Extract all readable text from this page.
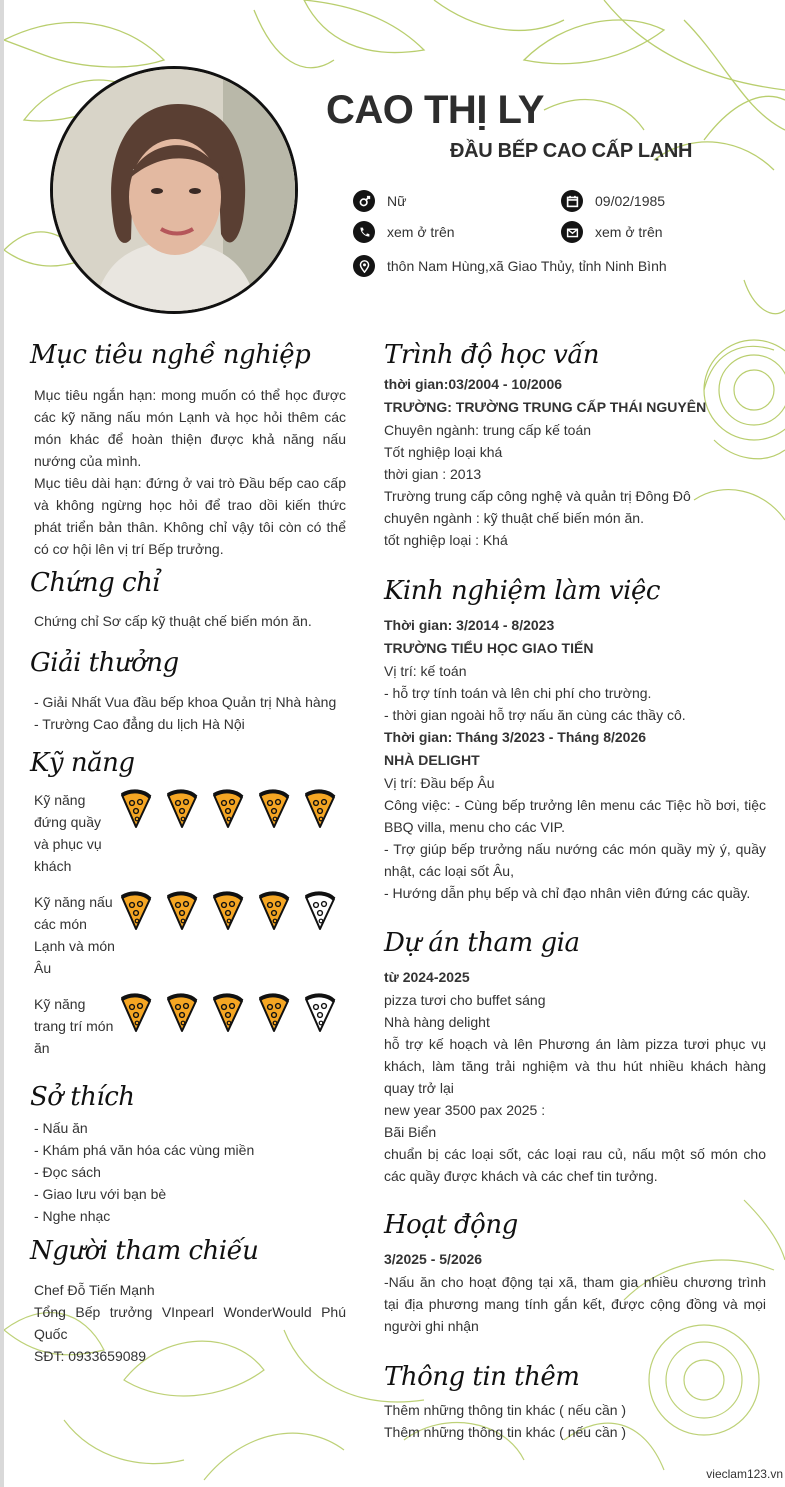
CAO THỊ LY
ĐẦU BẾP CAO CẤP LẠNH
Nữ	09/02/1985
xem ở trên	xem ở trên
thôn Nam Hùng,xã Giao Thủy, tỉnh Ninh Bình
Mục tiêu nghề nghiệp
Mục tiêu ngắn hạn: mong muốn có thể học được các kỹ năng nấu món Lạnh và học hỏi thêm các món khác để hoàn thiện được khả năng nấu nướng của mình.
Mục tiêu dài hạn: đứng ở vai trò Đầu bếp cao cấp và không ngừng học hỏi để trao dồi kiến thức phát triển bản thân. Không chỉ vậy tôi còn có thể có cơ hội lên vị trí Bếp trưởng.
Chứng chỉ
Chứng chỉ Sơ cấp kỹ thuật chế biến món ăn.
Giải thưởng
- Giải Nhất Vua đầu bếp khoa Quản trị Nhà hàng
- Trường Cao đẳng du lịch Hà Nội
Kỹ năng
Kỹ năng đứng quầy và phục vụ khách
Kỹ năng nấu các món Lạnh và món Âu
Kỹ năng trang trí món ăn
Sở thích
- Nấu ăn
- Khám phá văn hóa các vùng miền
- Đọc sách
- Giao lưu với bạn bè
- Nghe nhạc
Người tham chiếu
Chef Đỗ Tiến Mạnh
Tổng Bếp trưởng VInpearl WonderWould Phú Quốc
SĐT: 0933659089
Trình độ học vấn
thời gian:03/2004 - 10/2006
TRƯỜNG: TRƯỜNG TRUNG CẤP THÁI NGUYÊN
Chuyên ngành: trung cấp kế toán
Tốt nghiệp loại khá
thời gian : 2013
Trường trung cấp công nghệ và quản trị Đông Đô
chuyên ngành : kỹ thuật chế biến món ăn.
tốt nghiệp loại : Khá
Kinh nghiệm làm việc
Thời gian: 3/2014 - 8/2023
TRƯỜNG TIỂU HỌC GIAO TIẾN
Vị trí: kế toán
- hỗ trợ tính toán và lên chi phí cho trường.
- thời gian ngoài hỗ trợ nấu ăn cùng các thầy cô.
Thời gian: Tháng 3/2023 - Tháng 8/2026
NHÀ DELIGHT
Vị trí: Đầu bếp Âu
Công việc: - Cùng bếp trưởng lên menu các Tiệc hồ bơi, tiệc BBQ villa, menu cho các VIP.
- Trợ giúp bếp trưởng nấu nướng các món quầy mỳ ý, quầy nhật, các loại sốt Âu,
- Hướng dẫn phụ bếp và chỉ đạo nhân viên đứng các quầy.
Dự án tham gia
từ 2024-2025
pizza tươi cho buffet sáng
Nhà hàng delight
hỗ trợ kế hoạch và lên Phương án làm pizza tươi phục vụ khách, làm tăng trải nghiệm và thu hút nhiều khách hàng quay trở lại
new year 3500 pax 2025 :
Bãi Biển
chuẩn bị các loại sốt, các loại rau củ, nấu một số món cho các quầy được khách và các chef tin tưởng.
Hoạt động
3/2025 - 5/2026
-Nấu ăn cho hoạt động tại xã, tham gia nhiều chương trình tại địa phương mang tính gắn kết, được cộng đồng và mọi người ghi nhận
Thông tin thêm
Thêm những thông tin khác ( nếu cần )
Thêm những thông tin khác ( nếu cần )
vieclam123.vn
